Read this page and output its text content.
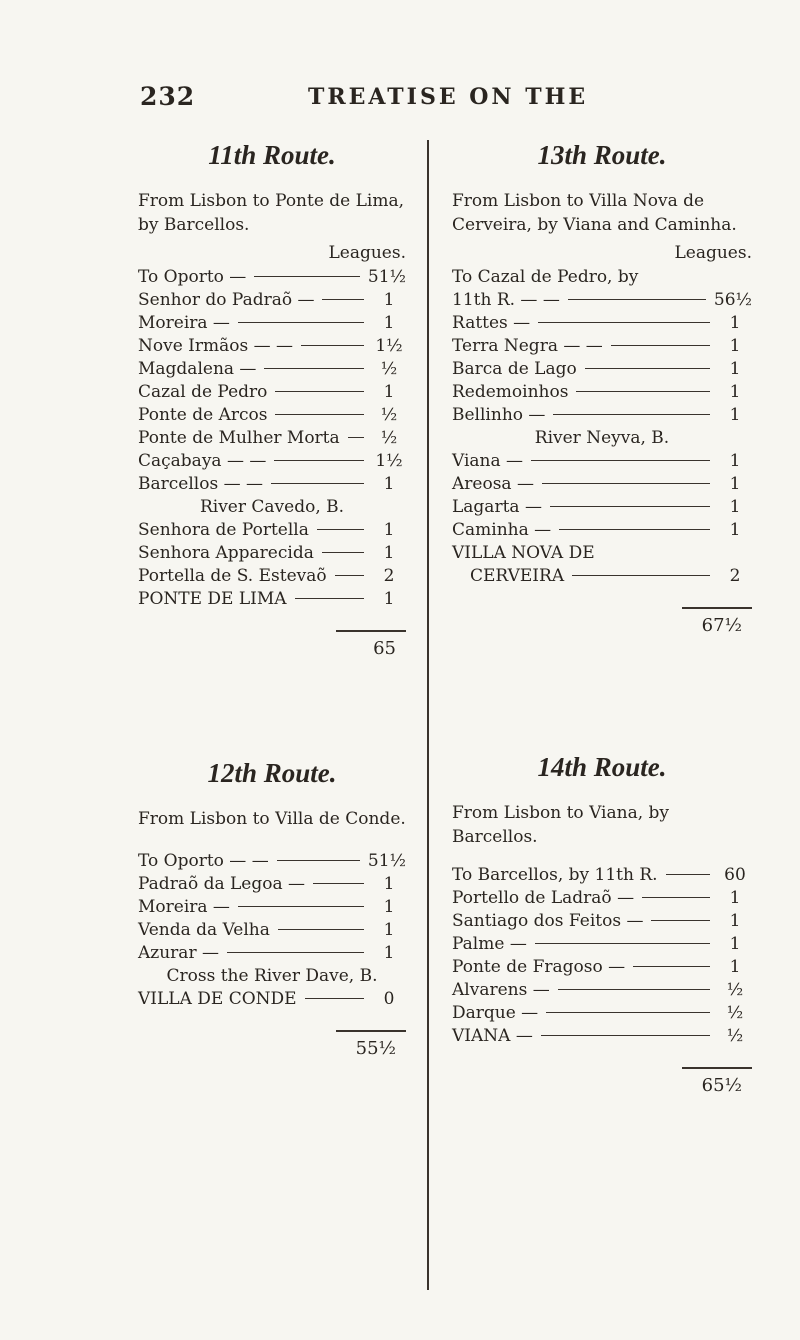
232	TREATISE ON THE
11th Route.
From Lisbon to Ponte de Lima, by Barcellos.
Leagues.
To Oporto —	51½
Senhor do Padraõ —	1
Moreira —	1
Nove Irmãos — —	1½
Magdalena —	½
Cazal de Pedro	1
Ponte de Arcos	½
Ponte de Mulher Morta	½
Caçabaya — —	1½
Barcellos — —	1
River Cavedo, B.
Senhora de Portella	1
Senhora Apparecida	1
Portella de S. Estevaõ	2
PONTE DE LIMA	1
65
12th Route.
From Lisbon to Villa de Conde.
To Oporto — —	51½
Padraõ da Legoa —	1
Moreira —	1
Venda da Velha	1
Azurar —	1
Cross the River Dave, B.
VILLA DE CONDE	0
55½
13th Route.
From Lisbon to Villa Nova de Cerveira, by Viana and Caminha.
Leagues.
To Cazal de Pedro, by
11th R. — —	56½
Rattes —	1
Terra Negra — —	1
Barca de Lago	1
Redemoinhos	1
Bellinho —	1
River Neyva, B.
Viana —	1
Areosa —	1
Lagarta —	1
Caminha —	1
VILLA NOVA DE
CERVEIRA	2
67½
14th Route.
From Lisbon to Viana, by Barcellos.
To Barcellos, by 11th R.	60
Portello de Ladraõ —	1
Santiago dos Feitos —	1
Palme —	1
Ponte de Fragoso —	1
Alvarens —	½
Darque —	½
VIANA —	½
65½
